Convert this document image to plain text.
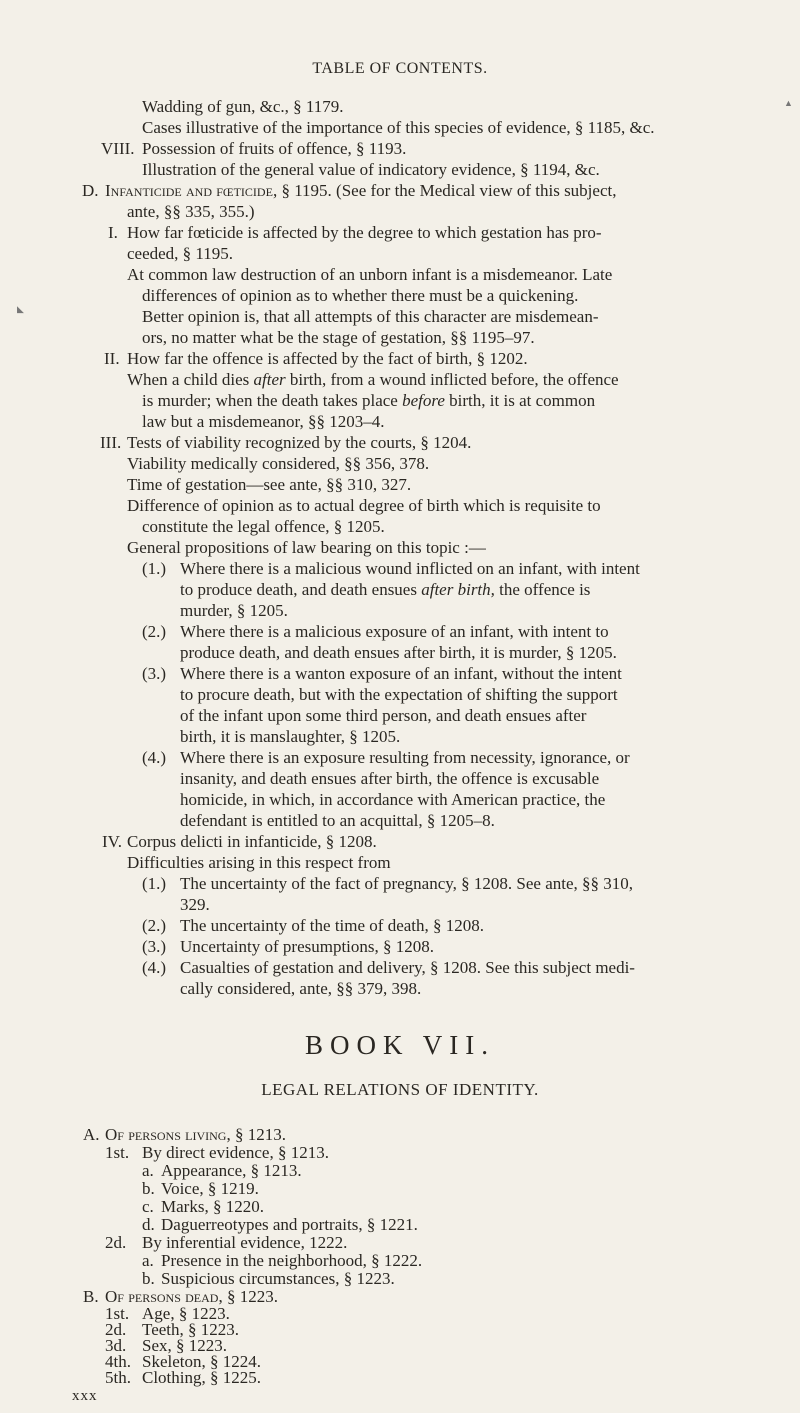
TABLE OF CONTENTS.
▲
◣
Wadding of gun, &c., § 1179.
Cases illustrative of the importance of this species of evidence, § 1185, &c.
VIII. Possession of fruits of offence, § 1193.
Illustration of the general value of indicatory evidence, § 1194, &c.
D. Infanticide and fœticide, § 1195. (See for the Medical view of this subject,
ante, §§ 335, 355.)
I. How far fœticide is affected by the degree to which gestation has pro-
ceeded, § 1195.
At common law destruction of an unborn infant is a misdemeanor. Late
differences of opinion as to whether there must be a quickening.
Better opinion is, that all attempts of this character are misdemean-
ors, no matter what be the stage of gestation, §§ 1195–97.
II. How far the offence is affected by the fact of birth, § 1202.
When a child dies after birth, from a wound inflicted before, the offence
is murder; when the death takes place before birth, it is at common
law but a misdemeanor, §§ 1203–4.
III. Tests of viability recognized by the courts, § 1204.
Viability medically considered, §§ 356, 378.
Time of gestation—see ante, §§ 310, 327.
Difference of opinion as to actual degree of birth which is requisite to
constitute the legal offence, § 1205.
General propositions of law bearing on this topic :—
(1.) Where there is a malicious wound inflicted on an infant, with intent
to produce death, and death ensues after birth, the offence is
murder, § 1205.
(2.) Where there is a malicious exposure of an infant, with intent to
produce death, and death ensues after birth, it is murder, § 1205.
(3.) Where there is a wanton exposure of an infant, without the intent
to procure death, but with the expectation of shifting the support
of the infant upon some third person, and death ensues after
birth, it is manslaughter, § 1205.
(4.) Where there is an exposure resulting from necessity, ignorance, or
insanity, and death ensues after birth, the offence is excusable
homicide, in which, in accordance with American practice, the
defendant is entitled to an acquittal, § 1205–8.
IV. Corpus delicti in infanticide, § 1208.
Difficulties arising in this respect from
(1.) The uncertainty of the fact of pregnancy, § 1208. See ante, §§ 310,
329.
(2.) The uncertainty of the time of death, § 1208.
(3.) Uncertainty of presumptions, § 1208.
(4.) Casualties of gestation and delivery, § 1208. See this subject medi-
cally considered, ante, §§ 379, 398.
BOOK VII.
LEGAL RELATIONS OF IDENTITY.
A. Of persons living, § 1213.
1st. By direct evidence, § 1213.
a. Appearance, § 1213.
b. Voice, § 1219.
c. Marks, § 1220.
d. Daguerreotypes and portraits, § 1221.
2d. By inferential evidence, 1222.
a. Presence in the neighborhood, § 1222.
b. Suspicious circumstances, § 1223.
B. Of persons dead, § 1223.
1st. Age, § 1223.
2d. Teeth, § 1223.
3d. Sex, § 1223.
4th. Skeleton, § 1224.
5th. Clothing, § 1225.
xxx
